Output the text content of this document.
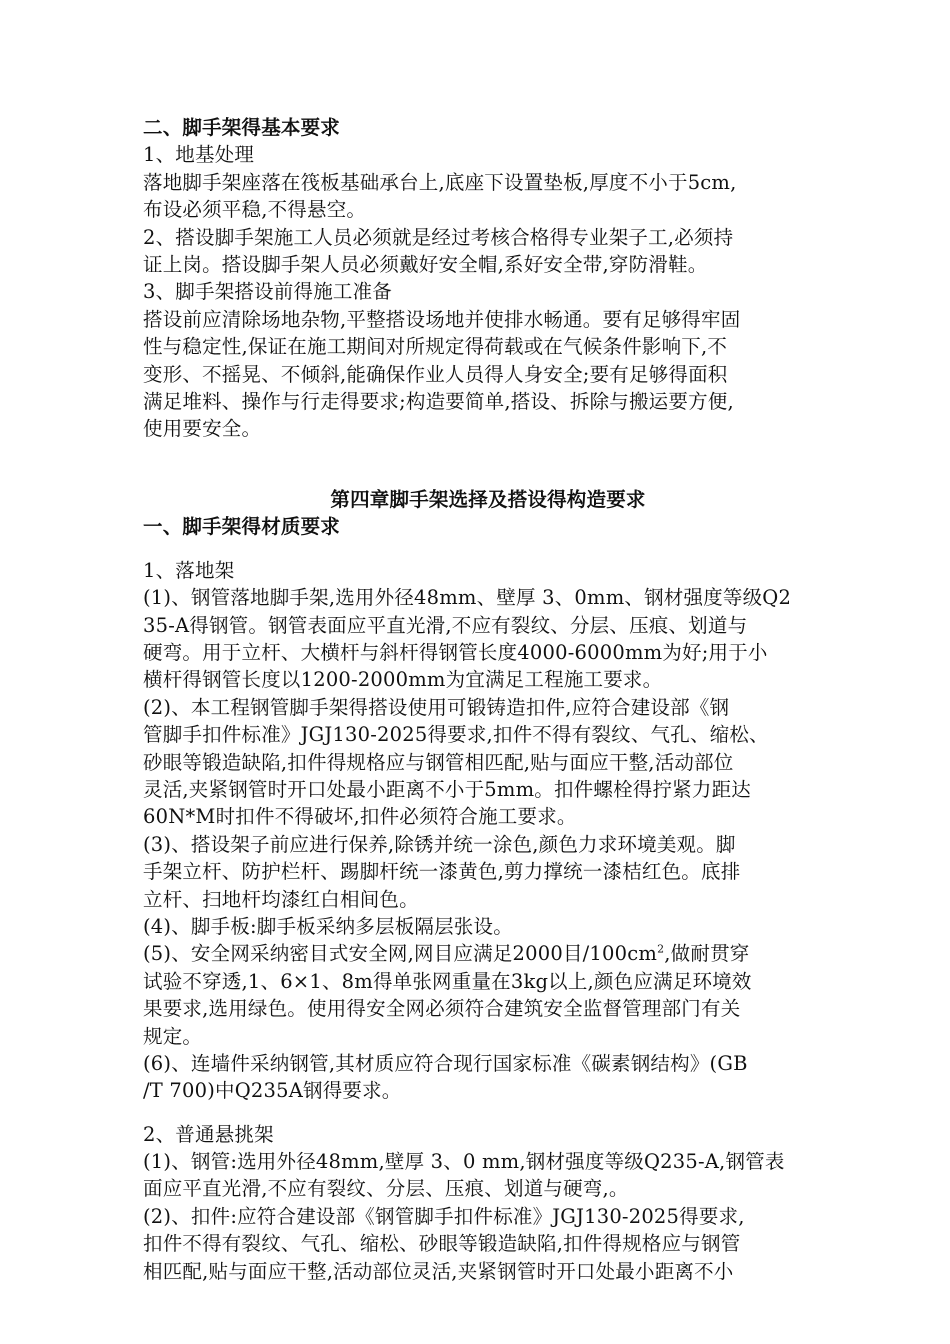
二、脚手架得基本要求
1、地基处理
落地脚手架座落在筏板基础承台上,底座下设置垫板,厚度不小于5cm,
布设必须平稳,不得悬空。
2、搭设脚手架施工人员必须就是经过考核合格得专业架子工,必须持
证上岗。搭设脚手架人员必须戴好安全帽,系好安全带,穿防滑鞋。
3、脚手架搭设前得施工准备
搭设前应清除场地杂物,平整搭设场地并使排水畅通。要有足够得牢固
性与稳定性,保证在施工期间对所规定得荷载或在气候条件影响下,不
变形、不摇晃、不倾斜,能确保作业人员得人身安全;要有足够得面积
满足堆料、操作与行走得要求;构造要简单,搭设、拆除与搬运要方便,
使用要安全。
第四章脚手架选择及搭设得构造要求
一、脚手架得材质要求
1、落地架
(1)、钢管落地脚手架,选用外径48mm、壁厚 3、0mm、钢材强度等级Q2
35-A得钢管。钢管表面应平直光滑,不应有裂纹、分层、压痕、划道与
硬弯。用于立杆、大横杆与斜杆得钢管长度4000-6000mm为好;用于小
横杆得钢管长度以1200-2000mm为宜满足工程施工要求。
(2)、本工程钢管脚手架得搭设使用可锻铸造扣件,应符合建设部《钢
管脚手扣件标准》JGJ130-2025得要求,扣件不得有裂纹、气孔、缩松、
砂眼等锻造缺陷,扣件得规格应与钢管相匹配,贴与面应干整,活动部位
灵活,夹紧钢管时开口处最小距离不小于5mm。扣件螺栓得拧紧力距达
60N*M时扣件不得破坏,扣件必须符合施工要求。
(3)、搭设架子前应进行保养,除锈并统一涂色,颜色力求环境美观。脚
手架立杆、防护栏杆、踢脚杆统一漆黄色,剪力撑统一漆桔红色。底排
立杆、扫地杆均漆红白相间色。
(4)、脚手板:脚手板采纳多层板隔层张设。
(5)、安全网采纳密目式安全网,网目应满足2000目$/100cm^2$,做耐贯穿
试验不穿透,1、6×1、8m得单张网重量在3kg以上,颜色应满足环境效
果要求,选用绿色。使用得安全网必须符合建筑安全监督管理部门有关
规定。
(6)、连墙件采纳钢管,其材质应符合现行国家标准《碳素钢结构》(GB
/T 700)中Q235A钢得要求。
2、普通悬挑架
(1)、钢管:选用外径48mm,壁厚 3、0 mm,钢材强度等级Q235-A,钢管表
面应平直光滑,不应有裂纹、分层、压痕、划道与硬弯,。
(2)、扣件:应符合建设部《钢管脚手扣件标准》JGJ130-2025得要求,
扣件不得有裂纹、气孔、缩松、砂眼等锻造缺陷,扣件得规格应与钢管
相匹配,贴与面应干整,活动部位灵活,夹紧钢管时开口处最小距离不小
